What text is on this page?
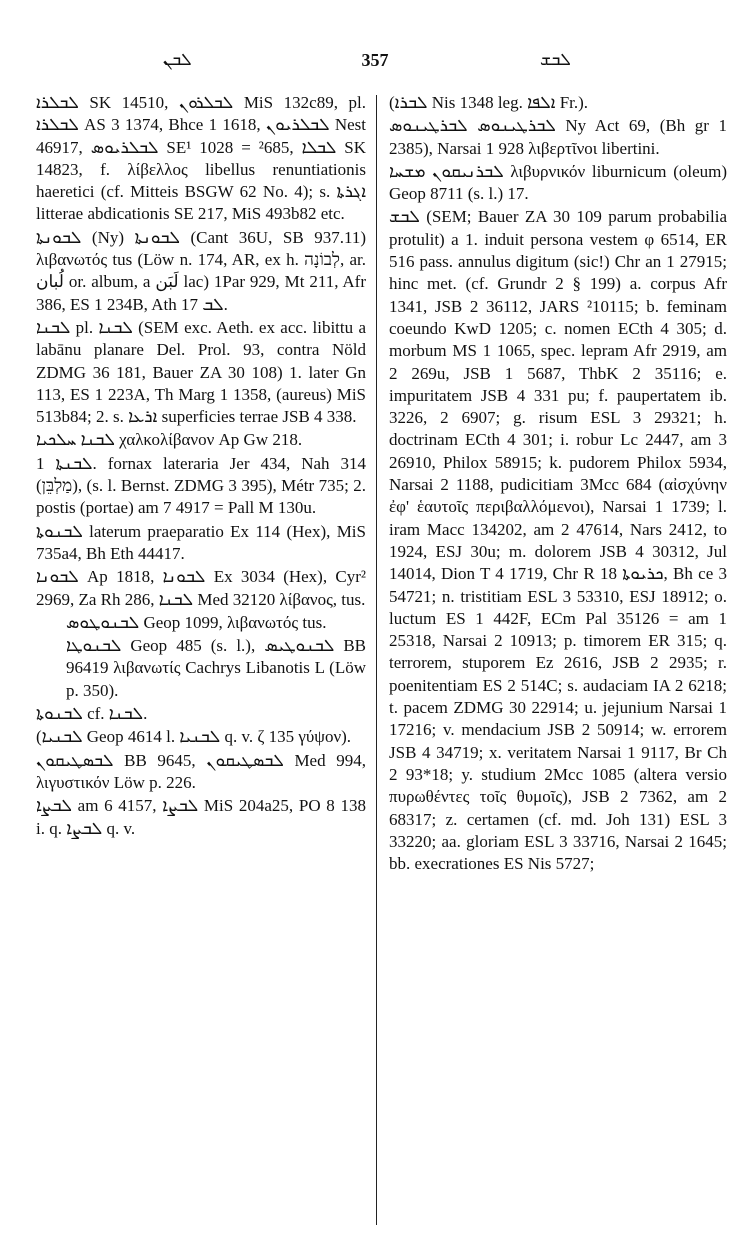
ܠܒܢ	357	ܠܒܫ

ܠܒܠܪܐ SK 14510, ܠܒܠܪܘܢ MiS 132c89, pl. ܠܒܠܪܐ AS 3 1374, Bhce 1 1618, ܠܒܠܪܝܘܢ Nest 46917, ܠܒܠܪܝܘܣ SE¹ 1028 = ²685, ܠܒܠܐ SK 14823, f. λίβελλος libellus renuntiationis haeretici (cf. Mitteis BSGW 62 No. 4); s. ܐܓܪܬܐ litterae abdicationis SE 217, MiS 493b82 etc.

ܠܒܘܢܬܐ (Ny) ܠܒܘܢܬܐ (Cant 36U, SB 937.11) λιβανωτός tus (Löw n. 174, AR, ex h. לְבוֹנָה, ar. لُبان or. album, a لَبَن lac) 1Par 929, Mt 211, Afr 386, ES 1 234B, Ath ܠܒ 17.

ܠܒܢܐ pl. ܠܒܢܐ (SEM exc. Aeth. ex acc. libittu a labānu planare Del. Prol. 93, contra Nöld ZDMG 36 181, Bauer ZA 30 108) 1. later Gn 113, ES 1 223A, Th Marg 1 1358, (aureus) MiS 513b84; 2. s. ܐܪܥܐ superficies terrae JSB 4 338.

ܠܒܢܐ ܚܠܟܝܐ χαλκολίβανον Ap Gw 218.

ܠܒܢܬܐ 1. fornax lateraria Jer 434, Nah 314 (מַלְבֵּן), (s. l. Bernst. ZDMG 3 395), Métr 735; 2. postis (portae) am 7 4917 = Pall M 130u.

ܠܒܢܘܬܐ laterum praeparatio Ex 114 (Hex), MiS 735a4, Bh Eth 44417.

ܠܒܘܢܐ Ap 1818, ܠܒܘܢܐ Ex 3034 (Hex), Cyr² 2969, Za Rh 286, ܠܒܢܐ Med 32120 λίβανος, tus.

ܠܒܢܘܛܘܣ Geop 1099, λιβανωτός tus.

ܠܒܢܘܛܐ Geop 485 (s. l.), ܠܒܢܘܛܝܣ BB 96419 λιβανωτίς Cachrys Libanotis L (Löw p. 350).

ܠܒܢܘܬܐ cf. ܠܒܢܐ.

(ܠܒܢܝܐ Geop 4614 l. ܠܒܢܝܐ q. v. ζ 135 γύψον).

ܠܒܣܛܝܩܘܢ BB 9645, ܠܒܣܛܝܩܘܢ Med 994, λιγυστικόν Löw p. 226.

ܠܒܨܐ am 6 4157, ܠܒܨܐ MiS 204a25, PO 8 138 i. q. ܠܒܨܐ q. v.

(ܠܒܪܐ Nis 1348 leg. ܐܠܦܐ Fr.).

ܠܒܪܛܝܢܘܣ ܠܒܪܛܝܢܘܣ Ny Act 69, (Bh gr 1 2385), Narsai 1 928 λιβερτῖνοι libertini.

ܠܒܪܢܝܩܘܢ ܡܫܚܐ λιβυρνικόν liburnicum (oleum) Geop 8711 (s. l.) 17.

ܠܒܫ (SEM; Bauer ZA 30 109 parum probabilia protulit) a 1. induit persona vestem φ 6514, ER 516 pass. annulus digitum (sic!) Chr an 1 27915; hinc met. (cf. Grundr 2 § 199) a. corpus Afr 1341, JSB 2 36112, JARS ²10115; b. feminam coeundo KwD 1205; c. nomen ECth 4 305; d. morbum MS 1 1065, spec. lepram Afr 2919, am 2 269u, JSB 1 5687, ThbK 2 35116; e. impuritatem JSB 4 331 pu; f. paupertatem ib. 3226, 2 6907; g. risum ESL 3 29321; h. doctrinam ECth 4 301; i. robur Lc 2447, am 3 26910, Philox 58915; k. pudorem Philox 5934, Narsai 2 1188, pudicitiam 3Mcc 684 (αἰσχύνην ἐφ' ἑαυτοῖς περιβαλλόμενοι), Narsai 1 1739; l. iram Macc 134202, am 2 47614, Nars 2412, to 1924, ESJ 30u; m. dolorem JSB 4 30312, Jul 14014, Dion T 4 1719, Chr R ܟܪܝܘܬܐ 18, Bh ce 3 54721; n. tristitiam ESL 3 53310, ESJ 18912; o. luctum ES 1 442F, ECm Pal 35126 = am 1 25318, Narsai 2 10913; p. timorem ER 315; q. terrorem, stuporem Ez 2616, JSB 2 2935; r. poenitentiam ES 2 514C; s. audaciam IA 2 6218; t. pacem ZDMG 30 22914; u. jejunium Narsai 1 17216; v. mendacium JSB 2 50914; w. errorem JSB 4 34719; x. veritatem Narsai 1 9117, Br Ch 2 93*18; y. studium 2Mcc 1085 (altera versio πυρωθέντες τοῖς θυμοῖς), JSB 2 7362, am 2 68317; z. certamen (cf. md. Joh 131) ESL 3 33220; aa. gloriam ESL 3 33716, Narsai 2 1645; bb. execrationes ES Nis 5727;
